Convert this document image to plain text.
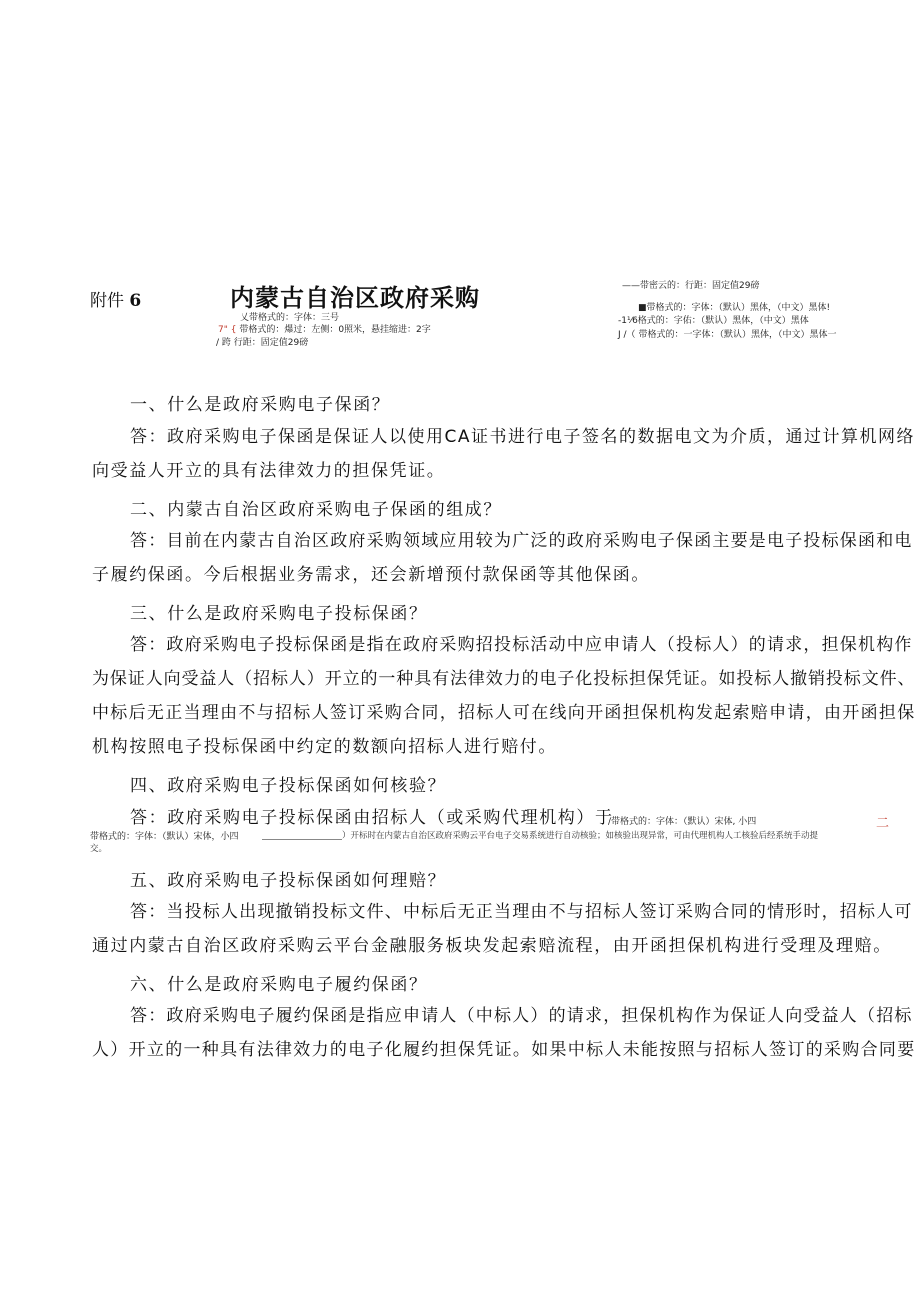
附件 6	内蒙古自治区政府采购
乂带格式的：字体：三号
7" { 带格式的：爆过：左侧：0照米，悬挂缩进：2字
∕ 跨 行距：固定值29磅
——带密云的：行距：固定值29磅
■带格式的：字体：（默认）黑体，（中文）黑体!
-1⅟6格式的：字佑：（默认）黑体，（中文）黑体
J /（ 带格式的：一字体：（默认）黑体，（中文）黑体一
一、什么是政府采购电子保函？
答：政府采购电子保函是保证人以使用CA证书进行电子签名的数据电文为介质，通过计算机网络
向受益人开立的具有法律效力的担保凭证。
二、内蒙古自治区政府采购电子保函的组成？
答：目前在内蒙古自治区政府采购领域应用较为广泛的政府采购电子保函主要是电子投标保函和电
子履约保函。今后根据业务需求，还会新增预付款保函等其他保函。
三、什么是政府采购电子投标保函？
答：政府采购电子投标保函是指在政府采购招投标活动中应申请人（投标人）的请求，担保机构作
为保证人向受益人（招标人）开立的一种具有法律效力的电子化投标担保凭证。如投标人撤销投标文件、
中标后无正当理由不与招标人签订采购合同，招标人可在线向开函担保机构发起索赔申请，由开函担保
机构按照电子投标保函中约定的数额向招标人进行赔付。
四、政府采购电子投标保函如何核验？
答：政府采购电子投标保函由招标人（或采购代理机构）于
∕带格式的：字体：（默认）宋体, 小四	二
带格式的：字体：（默认）宋体，小四	）开标时在内蒙古自治区政府采购云平台电子交易系统进行自动核验；如核验出现异常，可由代理机构人工核验后经系统手动提
交。
五、政府采购电子投标保函如何理赔？
答：当投标人出现撤销投标文件、中标后无正当理由不与招标人签订采购合同的情形时，招标人可
通过内蒙古自治区政府采购云平台金融服务板块发起索赔流程，由开函担保机构进行受理及理赔。
六、什么是政府采购电子履约保函？
答：政府采购电子履约保函是指应申请人（中标人）的请求，担保机构作为保证人向受益人（招标
人）开立的一种具有法律效力的电子化履约担保凭证。如果中标人未能按照与招标人签订的采购合同要
